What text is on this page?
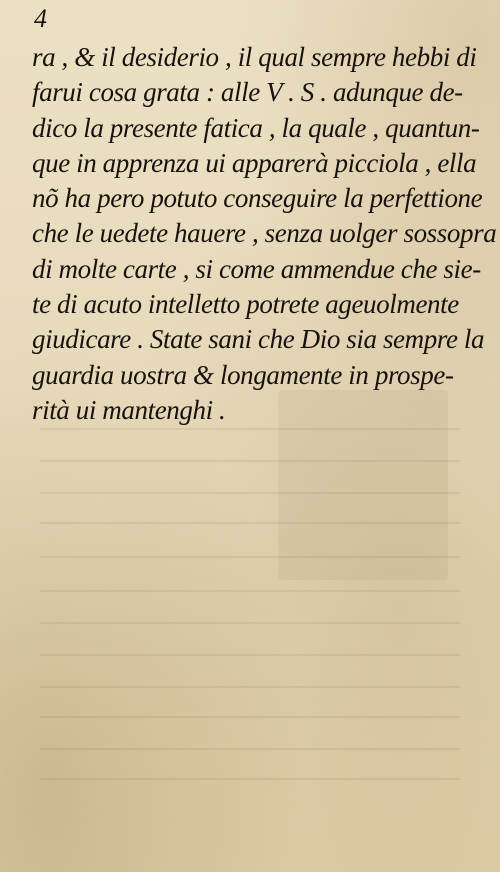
4
ra , & il desiderio , il qual sempre hebbi di
farui cosa grata : alle V . S . adunque de-
dico la presente fatica , la quale , quantun-
que in apprenza ui apparerà picciola , ella
nõ ha pero potuto conseguire la perfettione
che le uedete hauere , senza uolger sossopra
di molte carte , si come ammendue che sie-
te di acuto intelletto potrete ageuolmente
giudicare . State sani che Dio sia sempre la
guardia uostra & longamente in prospe-
rità ui mantenghi .
